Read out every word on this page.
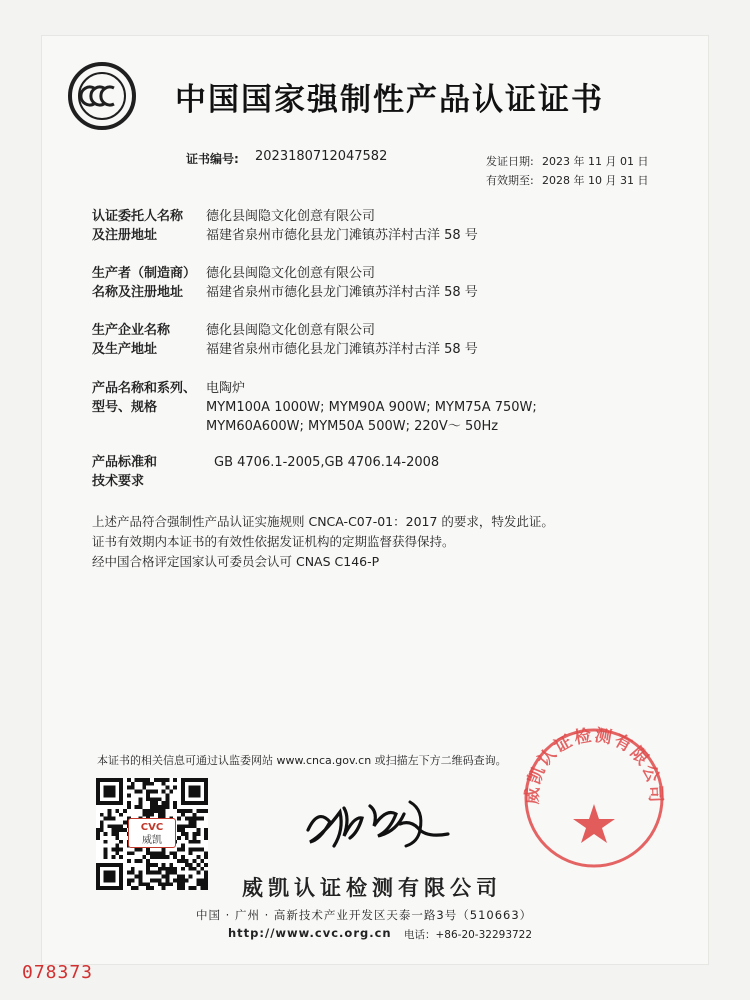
中国国家强制性产品认证证书
证书编号: 2023180712047582	发证日期: 2023 年 11 月 01 日
有效期至: 2028 年 10 月 31 日
认证委托人名称
及注册地址
德化县闽隐文化创意有限公司
福建省泉州市德化县龙门滩镇苏洋村古洋 58 号
生产者（制造商）
名称及注册地址
德化县闽隐文化创意有限公司
福建省泉州市德化县龙门滩镇苏洋村古洋 58 号
生产企业名称
及生产地址
德化县闽隐文化创意有限公司
福建省泉州市德化县龙门滩镇苏洋村古洋 58 号
产品名称和系列、
型号、规格
电陶炉
MYM100A 1000W; MYM90A 900W; MYM75A 750W;
MYM60A600W; MYM50A 500W; 220V～ 50Hz
产品标准和
技术要求
GB 4706.1-2005,GB 4706.14-2008
上述产品符合强制性产品认证实施规则 CNCA-C07-01：2017 的要求，特发此证。
证书有效期内本证书的有效性依据发证机构的定期监督获得保持。
经中国合格评定国家认可委员会认可 CNAS C146-P
本证书的相关信息可通过认监委网站 www.cnca.gov.cn 或扫描左下方二维码查询。
CVC
威凯
威凯认证检测有限公司
威凯认证检测有限公司
中国 · 广州 · 高新技术产业开发区天泰一路3号（510663）
http://www.cvc.org.cn 电话：+86-20-32293722
078373
